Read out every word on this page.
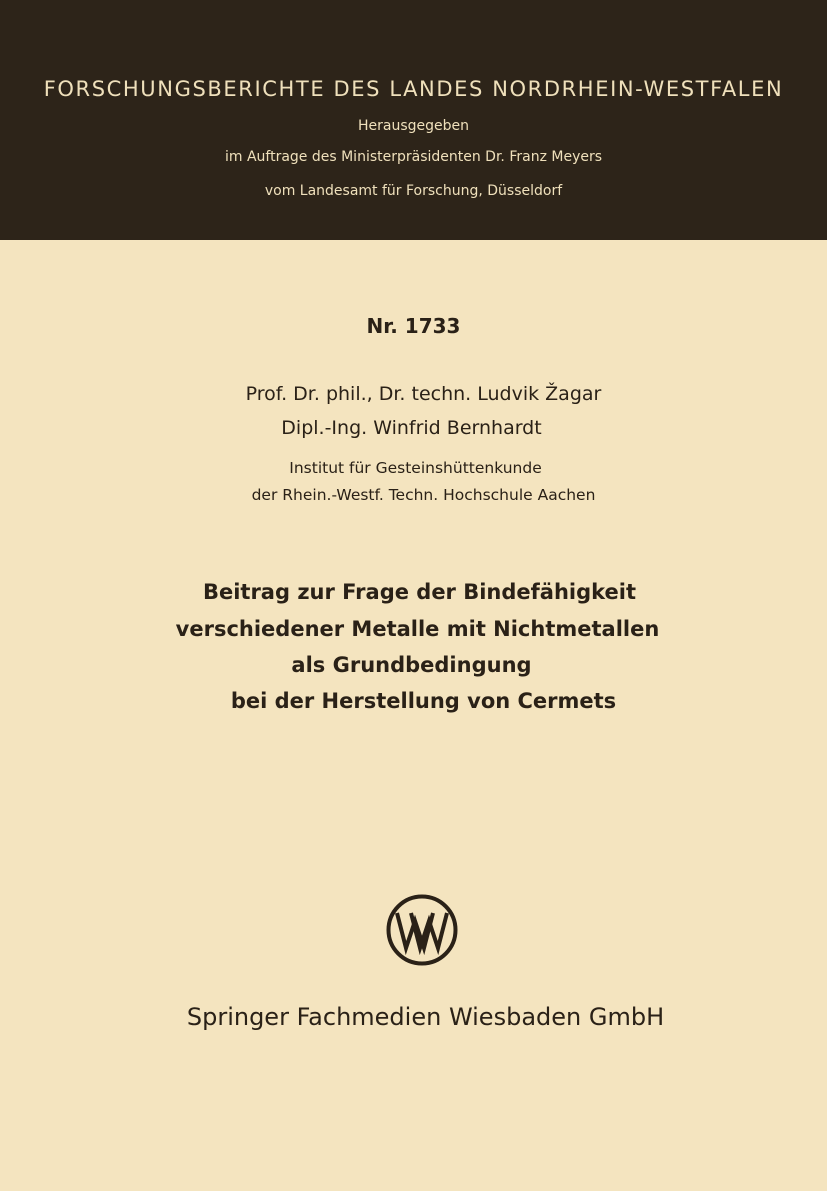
FORSCHUNGSBERICHTE DES LANDES NORDRHEIN-WESTFALEN
Herausgegeben
im Auftrage des Ministerpräsidenten Dr. Franz Meyers
vom Landesamt für Forschung, Düsseldorf
Nr. 1733
Prof. Dr. phil., Dr. techn. Ludvik Žagar
Dipl.-Ing. Winfrid Bernhardt
Institut für Gesteinshüttenkunde
der Rhein.-Westf. Techn. Hochschule Aachen
Beitrag zur Frage der Bindefähigkeit
verschiedener Metalle mit Nichtmetallen
als Grundbedingung
bei der Herstellung von Cermets
Springer Fachmedien Wiesbaden GmbH
